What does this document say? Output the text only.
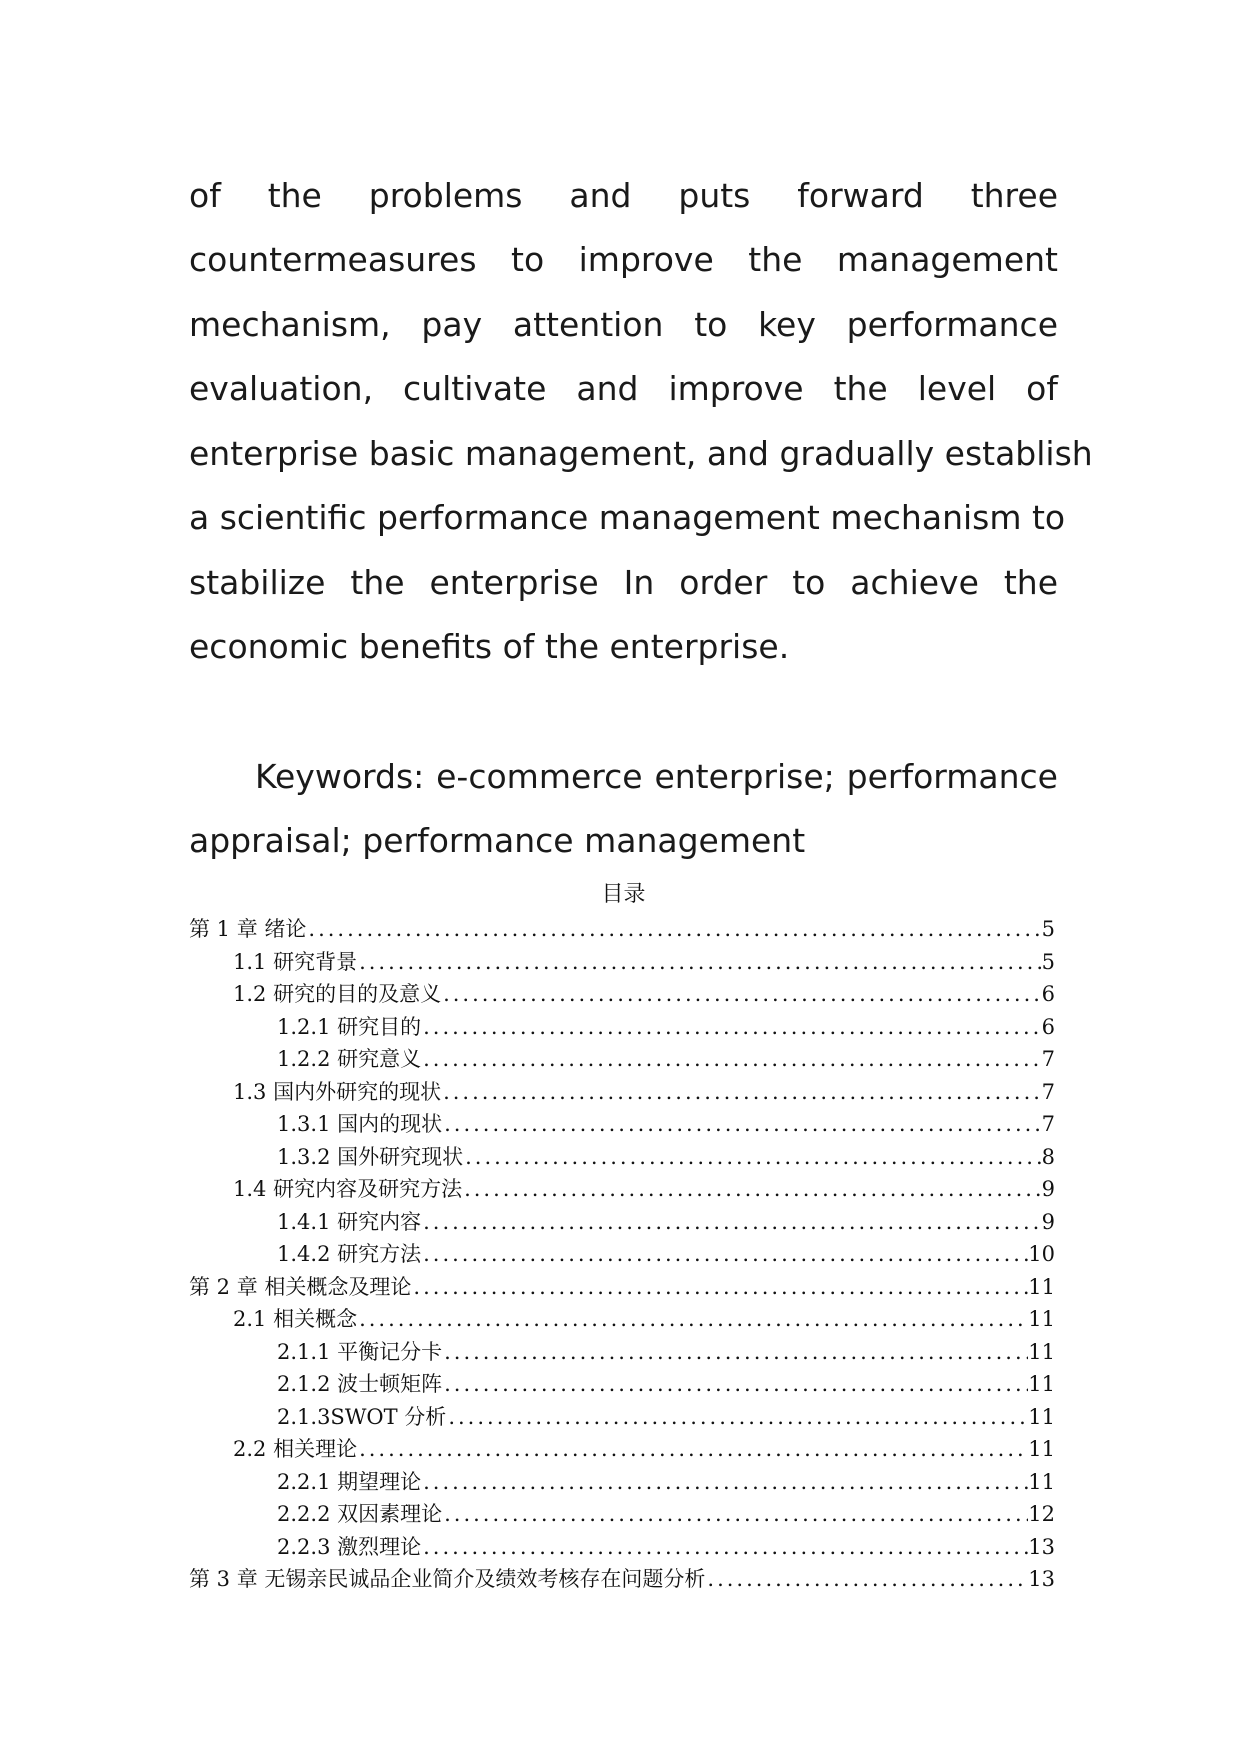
of the problems and puts forward three

countermeasures to improve the management

mechanism, pay attention to key performance

evaluation, cultivate and improve the level of

enterprise basic management, and gradually establish

a scientific performance management mechanism to

stabilize the enterprise In order to achieve the

economic benefits of the enterprise.

Keywords: e-commerce enterprise; performance

appraisal; performance management

目录

第 1 章 绪论 .....	5
1.1 研究背景 .....	5
1.2 研究的目的及意义 .....	6
1.2.1 研究目的 .....	6
1.2.2 研究意义 .....	7
1.3 国内外研究的现状 .....	7
1.3.1 国内的现状 .....	7
1.3.2 国外研究现状 .....	8
1.4 研究内容及研究方法 .....	9
1.4.1 研究内容 .....	9
1.4.2 研究方法 .....	10
第 2 章 相关概念及理论 .....	11
2.1 相关概念 .....	11
2.1.1 平衡记分卡 .....	11
2.1.2 波士顿矩阵 .....	11
2.1.3SWOT 分析 .....	11
2.2 相关理论 .....	11
2.2.1 期望理论 .....	11
2.2.2 双因素理论 .....	12
2.2.3 激烈理论 .....	13
第 3 章 无锡亲民诚品企业简介及绩效考核存在问题分析 .....	13
